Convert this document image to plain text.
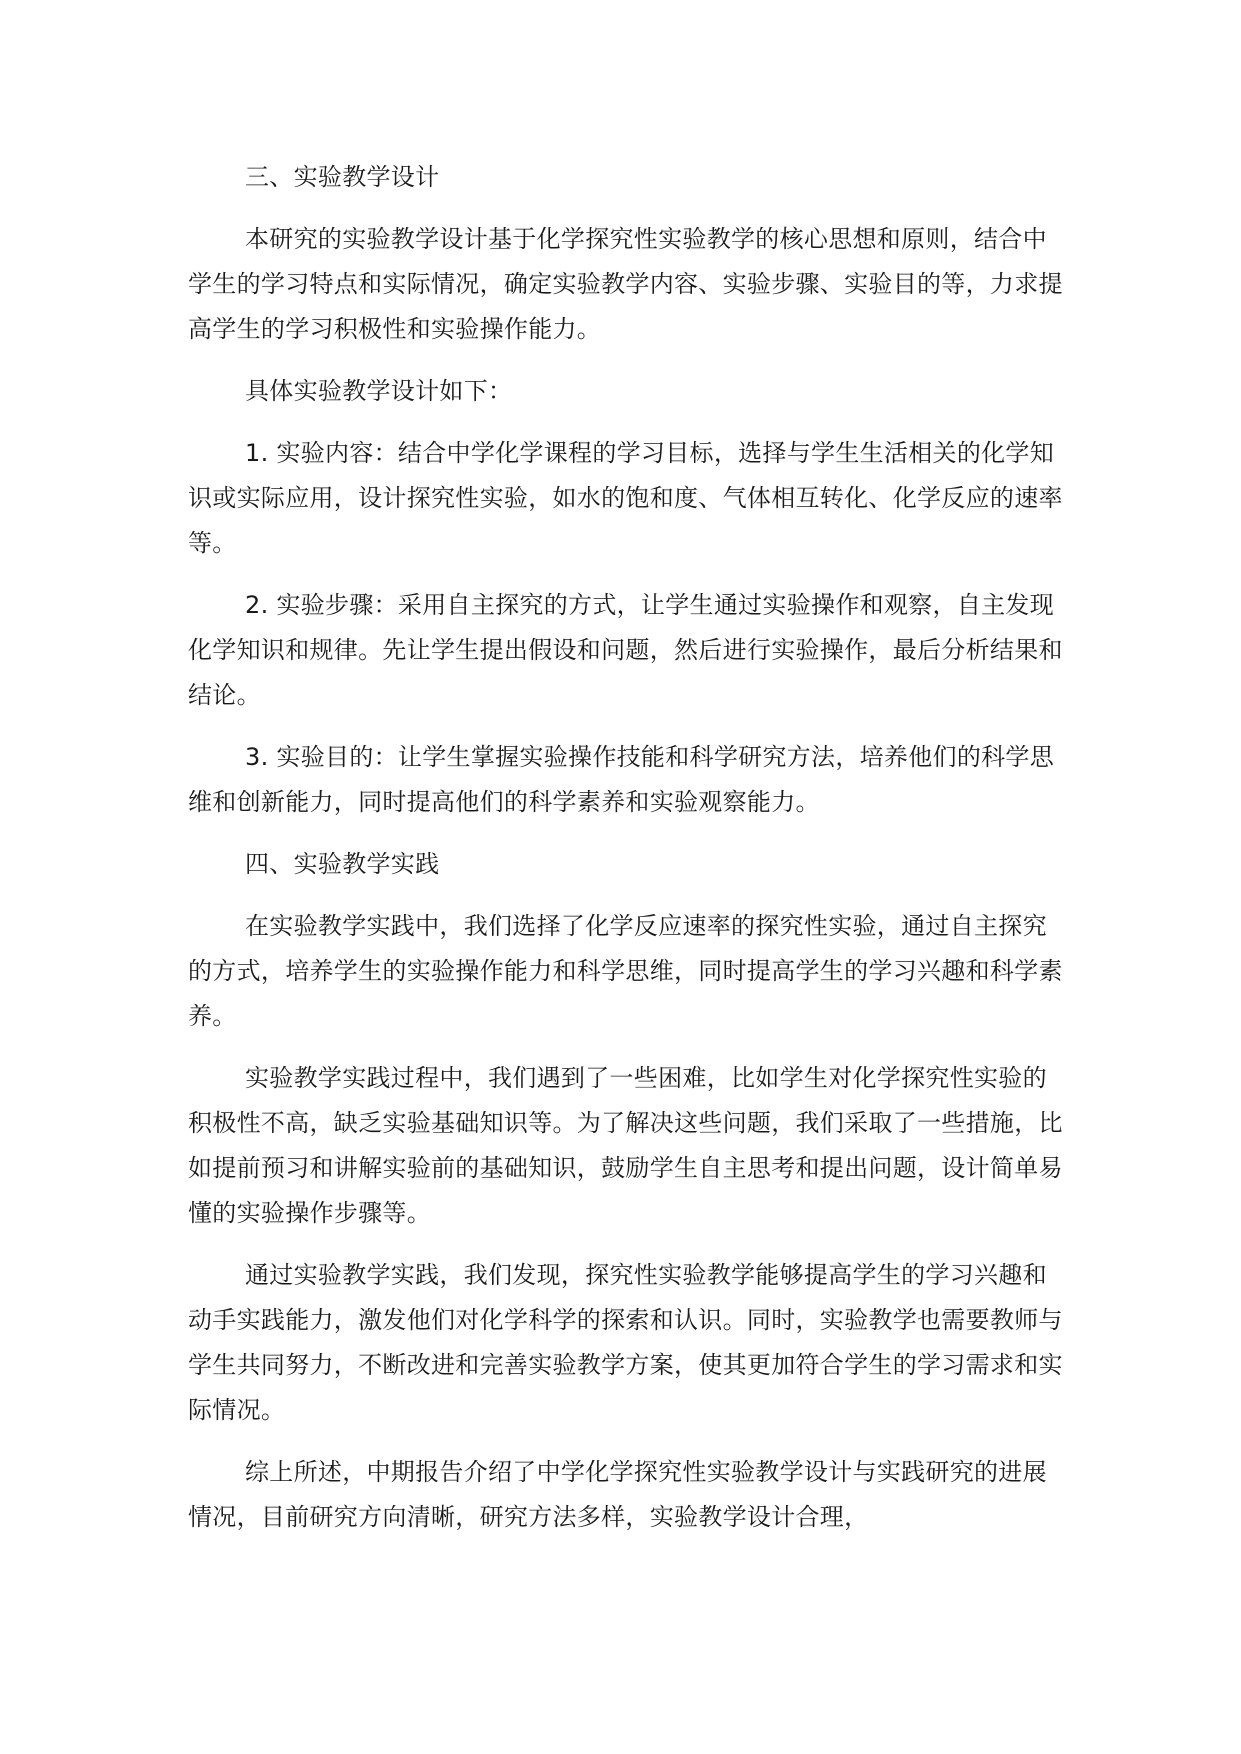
三、实验教学设计

本研究的实验教学设计基于化学探究性实验教学的核心思想和原则，结合中学生的学习特点和实际情况，确定实验教学内容、实验步骤、实验目的等，力求提高学生的学习积极性和实验操作能力。

具体实验教学设计如下：

1. 实验内容：结合中学化学课程的学习目标，选择与学生生活相关的化学知识或实际应用，设计探究性实验，如水的饱和度、气体相互转化、化学反应的速率等。

2. 实验步骤：采用自主探究的方式，让学生通过实验操作和观察，自主发现化学知识和规律。先让学生提出假设和问题，然后进行实验操作，最后分析结果和结论。

3. 实验目的：让学生掌握实验操作技能和科学研究方法，培养他们的科学思维和创新能力，同时提高他们的科学素养和实验观察能力。

四、实验教学实践

在实验教学实践中，我们选择了化学反应速率的探究性实验，通过自主探究的方式，培养学生的实验操作能力和科学思维，同时提高学生的学习兴趣和科学素养。

实验教学实践过程中，我们遇到了一些困难，比如学生对化学探究性实验的积极性不高，缺乏实验基础知识等。为了解决这些问题，我们采取了一些措施，比如提前预习和讲解实验前的基础知识，鼓励学生自主思考和提出问题，设计简单易懂的实验操作步骤等。

通过实验教学实践，我们发现，探究性实验教学能够提高学生的学习兴趣和动手实践能力，激发他们对化学科学的探索和认识。同时，实验教学也需要教师与学生共同努力，不断改进和完善实验教学方案，使其更加符合学生的学习需求和实际情况。

综上所述，中期报告介绍了中学化学探究性实验教学设计与实践研究的进展情况，目前研究方向清晰，研究方法多样，实验教学设计合理，
